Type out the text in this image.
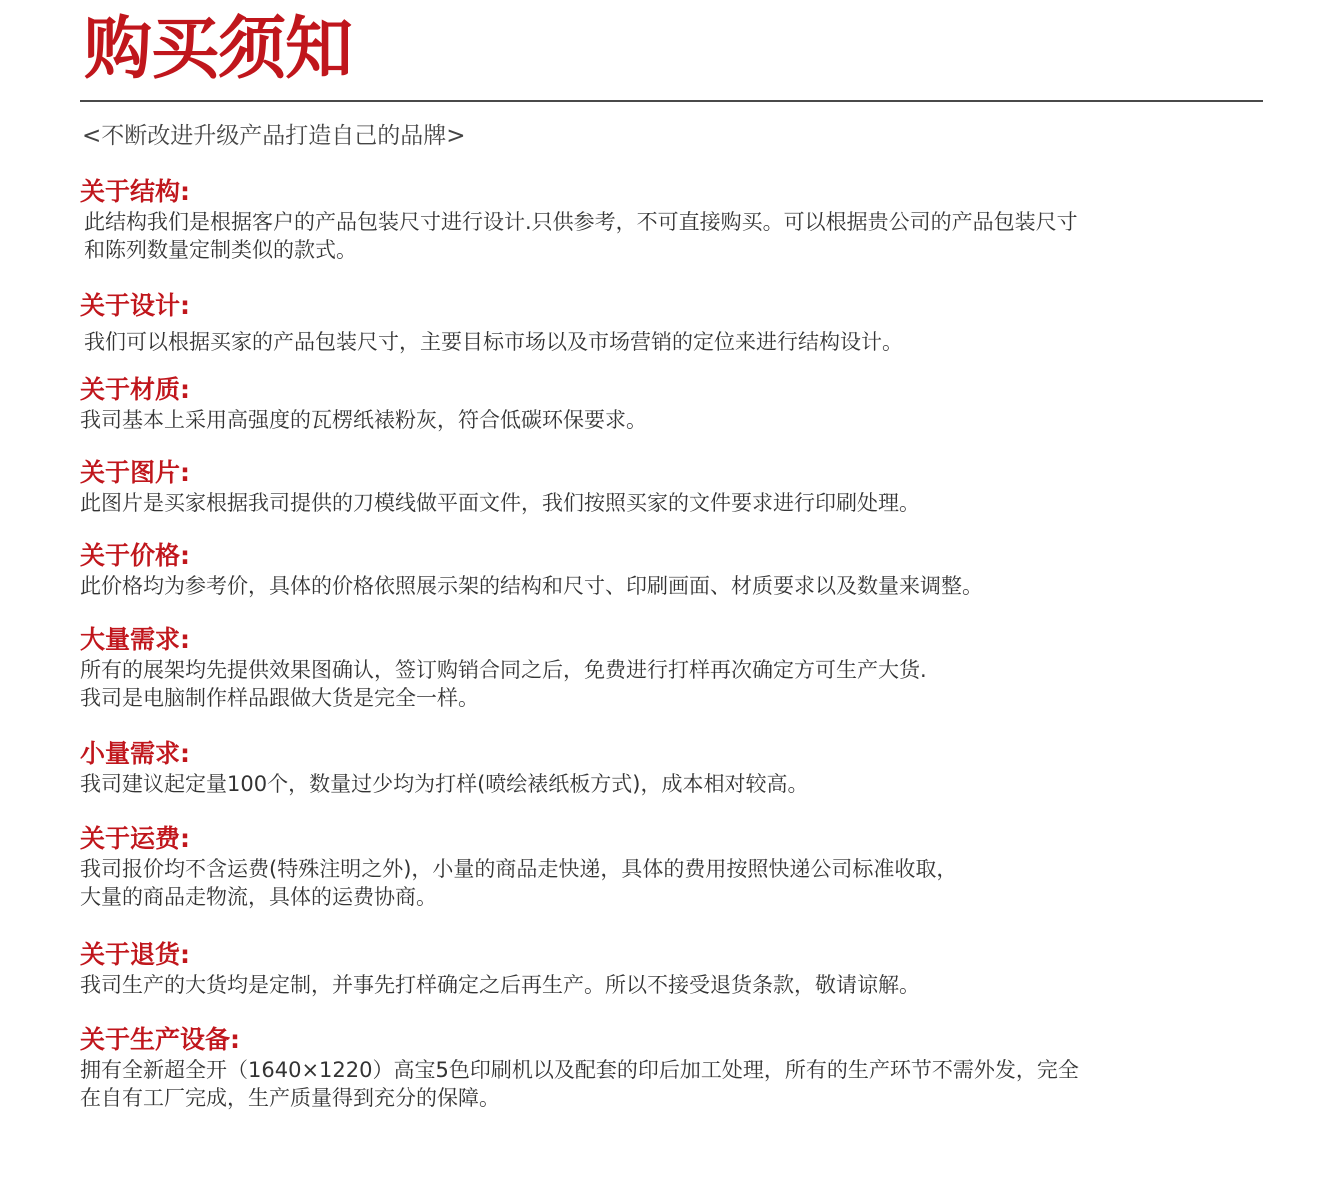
购买须知
<不断改进升级产品打造自己的品牌>
关于结构:
此结构我们是根据客户的产品包装尺寸进行设计.只供参考，不可直接购买。可以根据贵公司的产品包装尺寸
和陈列数量定制类似的款式。
关于设计:
我们可以根据买家的产品包装尺寸，主要目标市场以及市场营销的定位来进行结构设计。
关于材质:
我司基本上采用高强度的瓦楞纸裱粉灰，符合低碳环保要求。
关于图片:
此图片是买家根据我司提供的刀模线做平面文件，我们按照买家的文件要求进行印刷处理。
关于价格:
此价格均为参考价，具体的价格依照展示架的结构和尺寸、印刷画面、材质要求以及数量来调整。
大量需求:
所有的展架均先提供效果图确认，签订购销合同之后，免费进行打样再次确定方可生产大货.
我司是电脑制作样品跟做大货是完全一样。
小量需求:
我司建议起定量100个，数量过少均为打样(喷绘裱纸板方式)，成本相对较高。
关于运费:
我司报价均不含运费(特殊注明之外)，小量的商品走快递，具体的费用按照快递公司标准收取，
大量的商品走物流，具体的运费协商。
关于退货:
我司生产的大货均是定制，并事先打样确定之后再生产。所以不接受退货条款，敬请谅解。
关于生产设备:
拥有全新超全开（1640×1220）高宝5色印刷机以及配套的印后加工处理，所有的生产环节不需外发，完全
在自有工厂完成，生产质量得到充分的保障。
